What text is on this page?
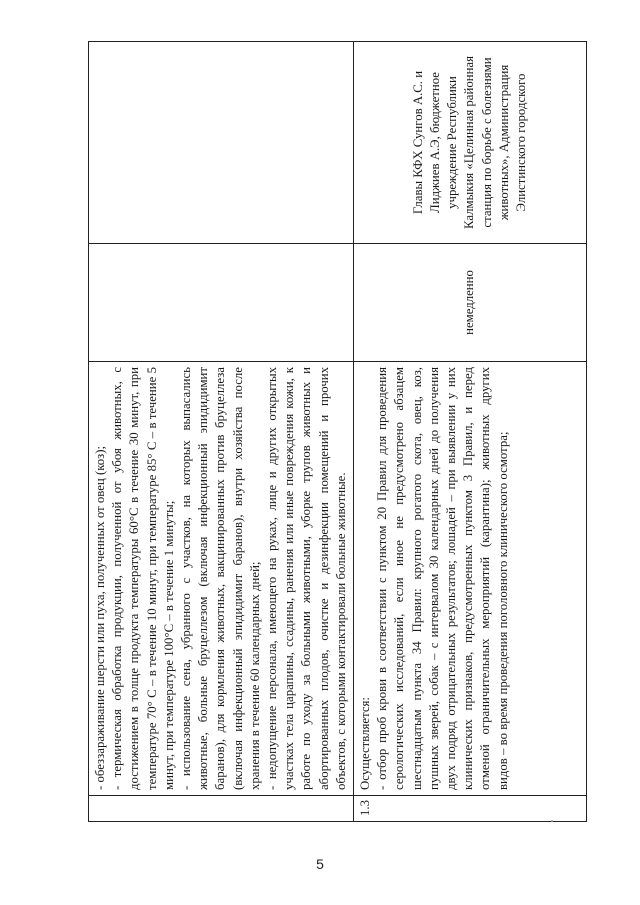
	- обеззараживание шерсти или пуха, полученных от овец (коз); - термическая обработка продукции, полученной от убоя животных, с достижением в толще продукта температуры 60°С в течение 30 минут, при температуре 70° С – в течение 10 минут, при температуре 85° С – в течение 5 минут, при температуре 100°С – в течение 1 минуты; - использование сена, убранного с участков, на которых выпасались животные, больные бруцеллезом (включая инфекционный эпидидимит баранов), для кормления животных, вакцинированных против бруцеллеза (включая инфекционный эпидидимит баранов), внутри хозяйства после хранения в течение 60 календарных дней; - недопущение персонала, имеющего на руках, лице и других открытых участках тела царапины, ссадины, ранения или иные повреждения кожи, к работе по уходу за больными животными, уборке трупов животных и абортированных плодов, очистке и дезинфекции помещений и прочих объектов, с которыми контактировали больные животные.		

1.3	Осуществляется: - отбор проб крови в соответствии с пунктом 20 Правил для проведения серологических исследований, если иное не предусмотрено абзацем шестнадцатым пункта 34 Правил: крупного рогатого скота, овец, коз, пушных зверей, собак – с интервалом 30 календарных дней до получения двух подряд отрицательных результатов; лошадей – при выявлении у них клинических признаков, предусмотренных пунктом 3 Правил, и перед отменой ограничительных мероприятий (карантина); животных других видов – во время проведения поголовного клинического осмотра;	немедленно	Главы КФХ Сунгов А.С. и Лиджиев А.Э, бюджетное учреждение Республики Калмыкия «Целинная районная станция по борьбе с болезнями животных», Администрация Элистинского городского
5
